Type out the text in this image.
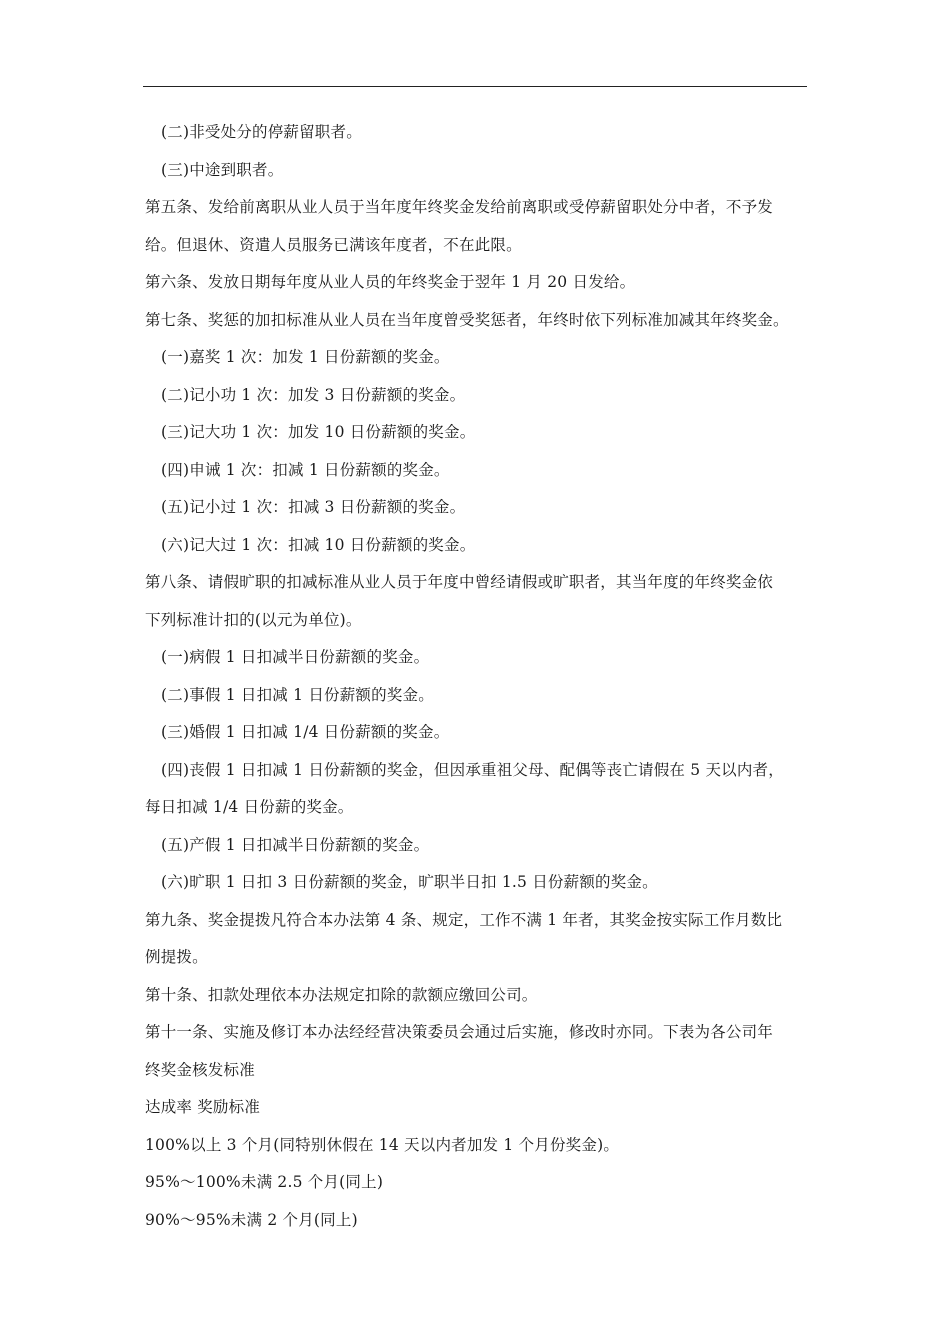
(二)非受处分的停薪留职者。
(三)中途到职者。
第五条、发给前离职从业人员于当年度年终奖金发给前离职或受停薪留职处分中者，不予发
给。但退休、资遣人员服务已满该年度者，不在此限。
第六条、发放日期每年度从业人员的年终奖金于翌年 1 月 20 日发给。
第七条、奖惩的加扣标准从业人员在当年度曾受奖惩者，年终时依下列标准加减其年终奖金。
(一)嘉奖 1 次：加发 1 日份薪额的奖金。
(二)记小功 1 次：加发 3 日份薪额的奖金。
(三)记大功 1 次：加发 10 日份薪额的奖金。
(四)申诫 1 次：扣减 1 日份薪额的奖金。
(五)记小过 1 次：扣减 3 日份薪额的奖金。
(六)记大过 1 次：扣减 10 日份薪额的奖金。
第八条、请假旷职的扣减标准从业人员于年度中曾经请假或旷职者，其当年度的年终奖金依
下列标准计扣的(以元为单位)。
(一)病假 1 日扣减半日份薪额的奖金。
(二)事假 1 日扣减 1 日份薪额的奖金。
(三)婚假 1 日扣减 1/4 日份薪额的奖金。
(四)丧假 1 日扣减 1 日份薪额的奖金，但因承重祖父母、配偶等丧亡请假在 5 天以内者，
每日扣减 1/4 日份薪的奖金。
(五)产假 1 日扣减半日份薪额的奖金。
(六)旷职 1 日扣 3 日份薪额的奖金，旷职半日扣 1.5 日份薪额的奖金。
第九条、奖金提拨凡符合本办法第 4 条、规定，工作不满 1 年者，其奖金按实际工作月数比
例提拨。
第十条、扣款处理依本办法规定扣除的款额应缴回公司。
第十一条、实施及修订本办法经经营决策委员会通过后实施，修改时亦同。下表为各公司年
终奖金核发标准
达成率 奖励标准
100%以上 3 个月(同特别休假在 14 天以内者加发 1 个月份奖金)。
95%～100%未满 2.5 个月(同上)
90%～95%未满 2 个月(同上)
